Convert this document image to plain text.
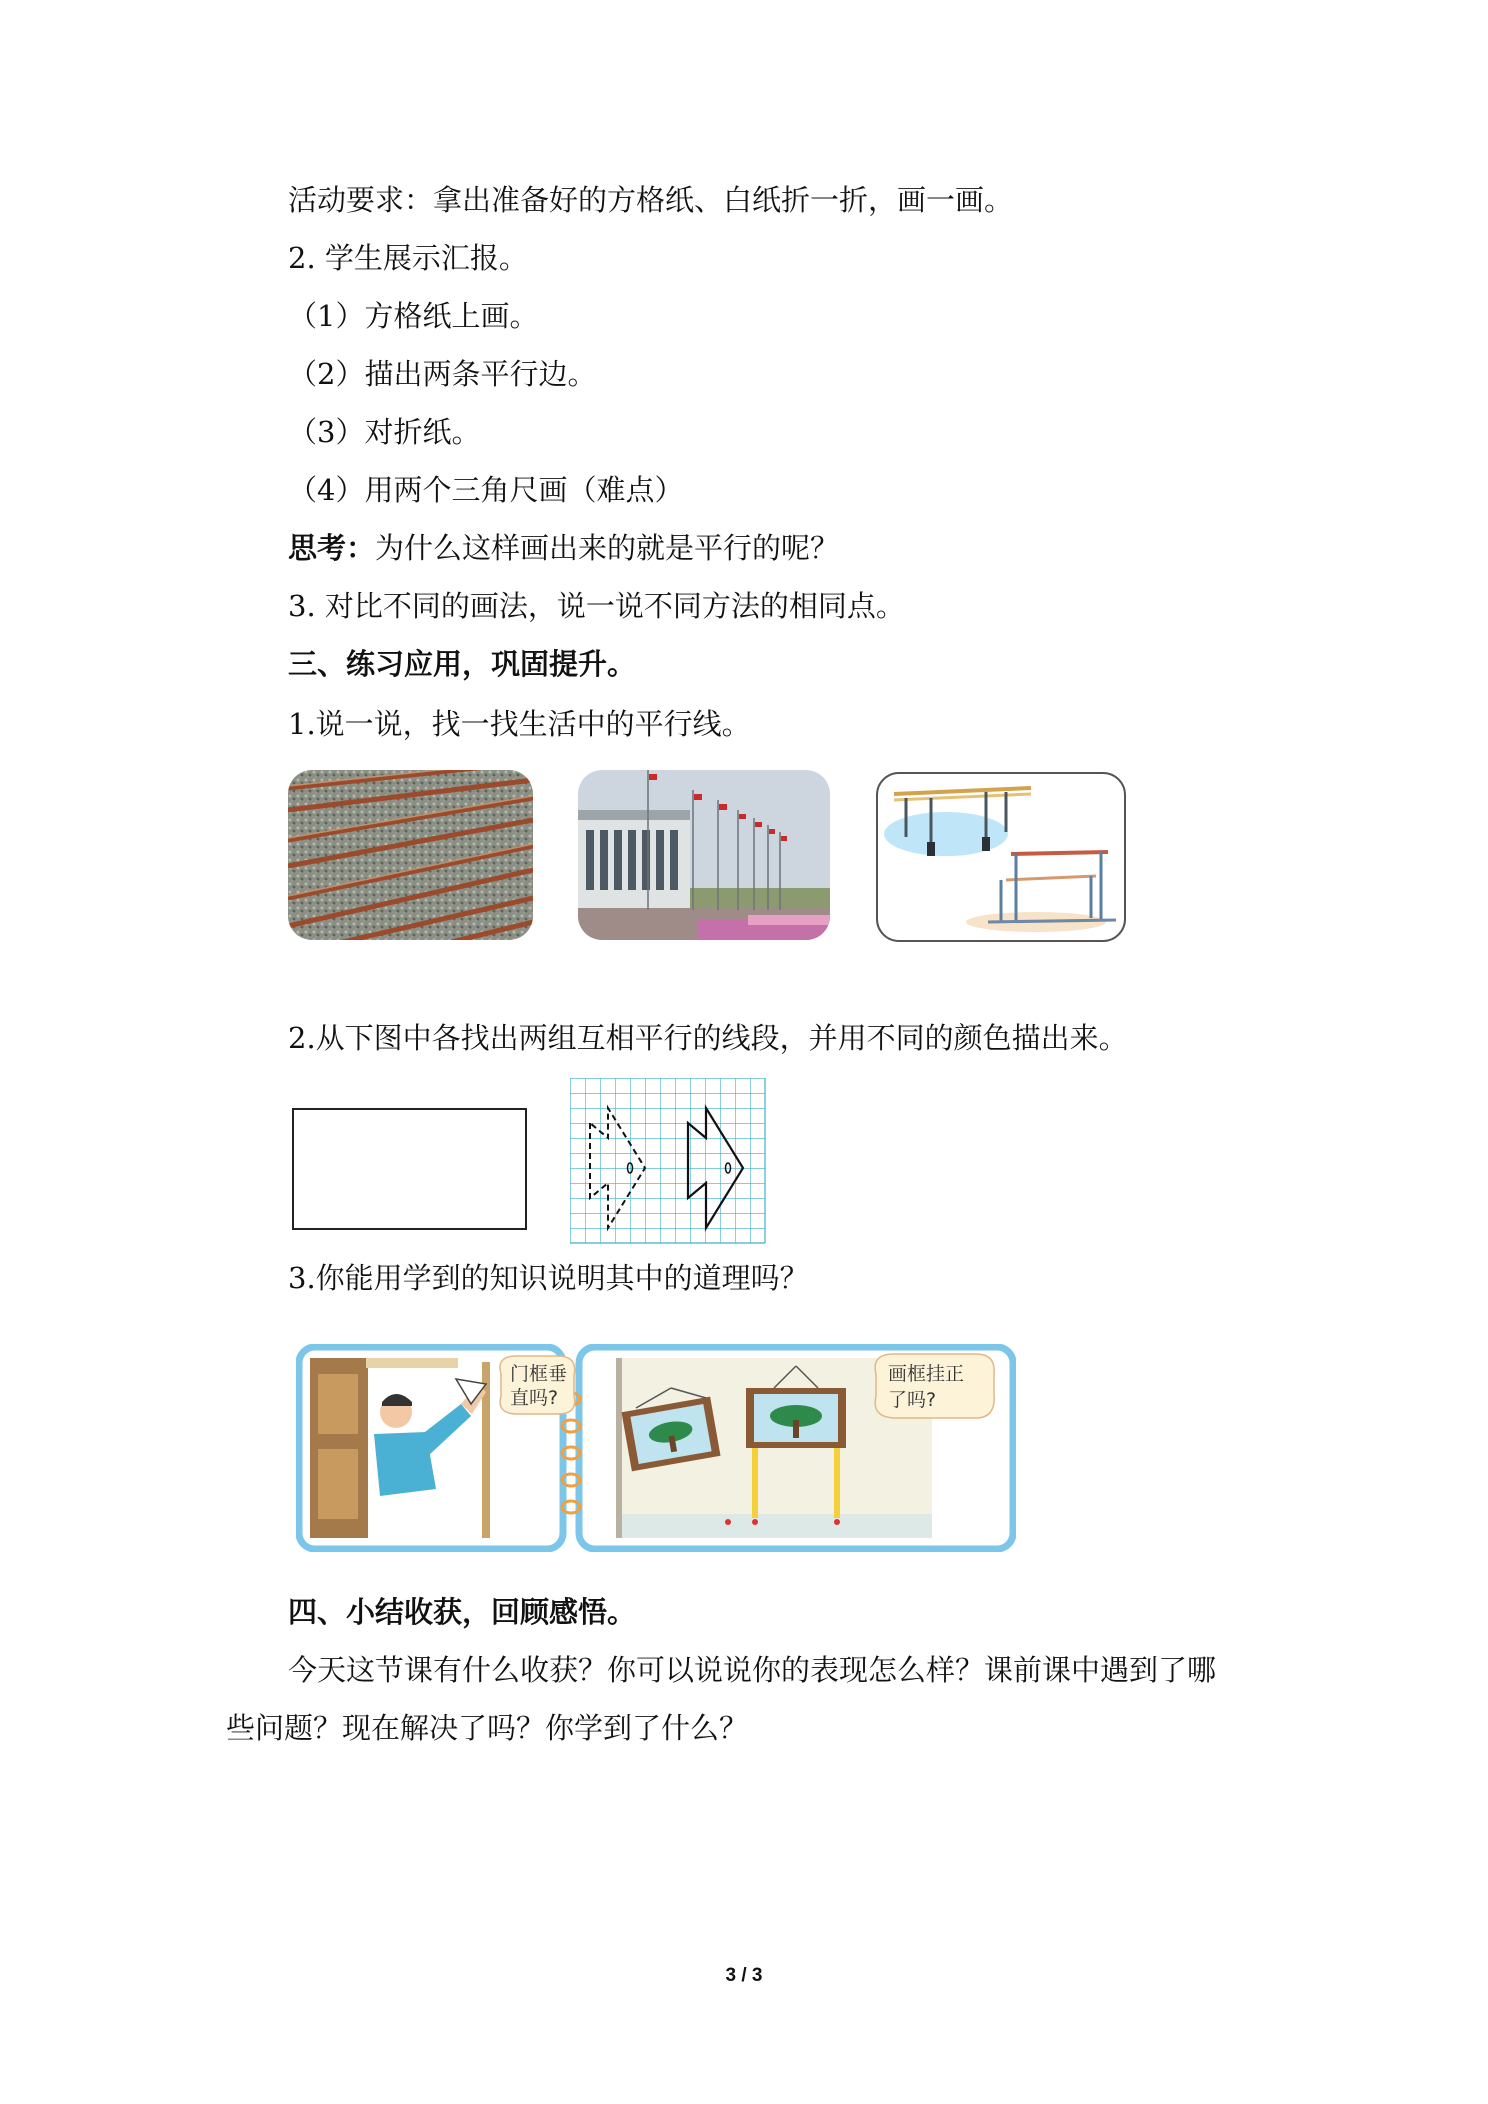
活动要求：拿出准备好的方格纸、白纸折一折，画一画。
2. 学生展示汇报。
（1）方格纸上画。
（2）描出两条平行边。
（3）对折纸。
（4）用两个三角尺画（难点）
思考：为什么这样画出来的就是平行的呢？
3. 对比不同的画法，说一说不同方法的相同点。
三、练习应用，巩固提升。
1.说一说，找一找生活中的平行线。
2.从下图中各找出两组互相平行的线段，并用不同的颜色描出来。
3.你能用学到的知识说明其中的道理吗？
门框垂
直吗?
画框挂正
了吗?
四、小结收获，回顾感悟。
今天这节课有什么收获？你可以说说你的表现怎么样？课前课中遇到了哪
些问题？现在解决了吗？你学到了什么？
3 / 3
